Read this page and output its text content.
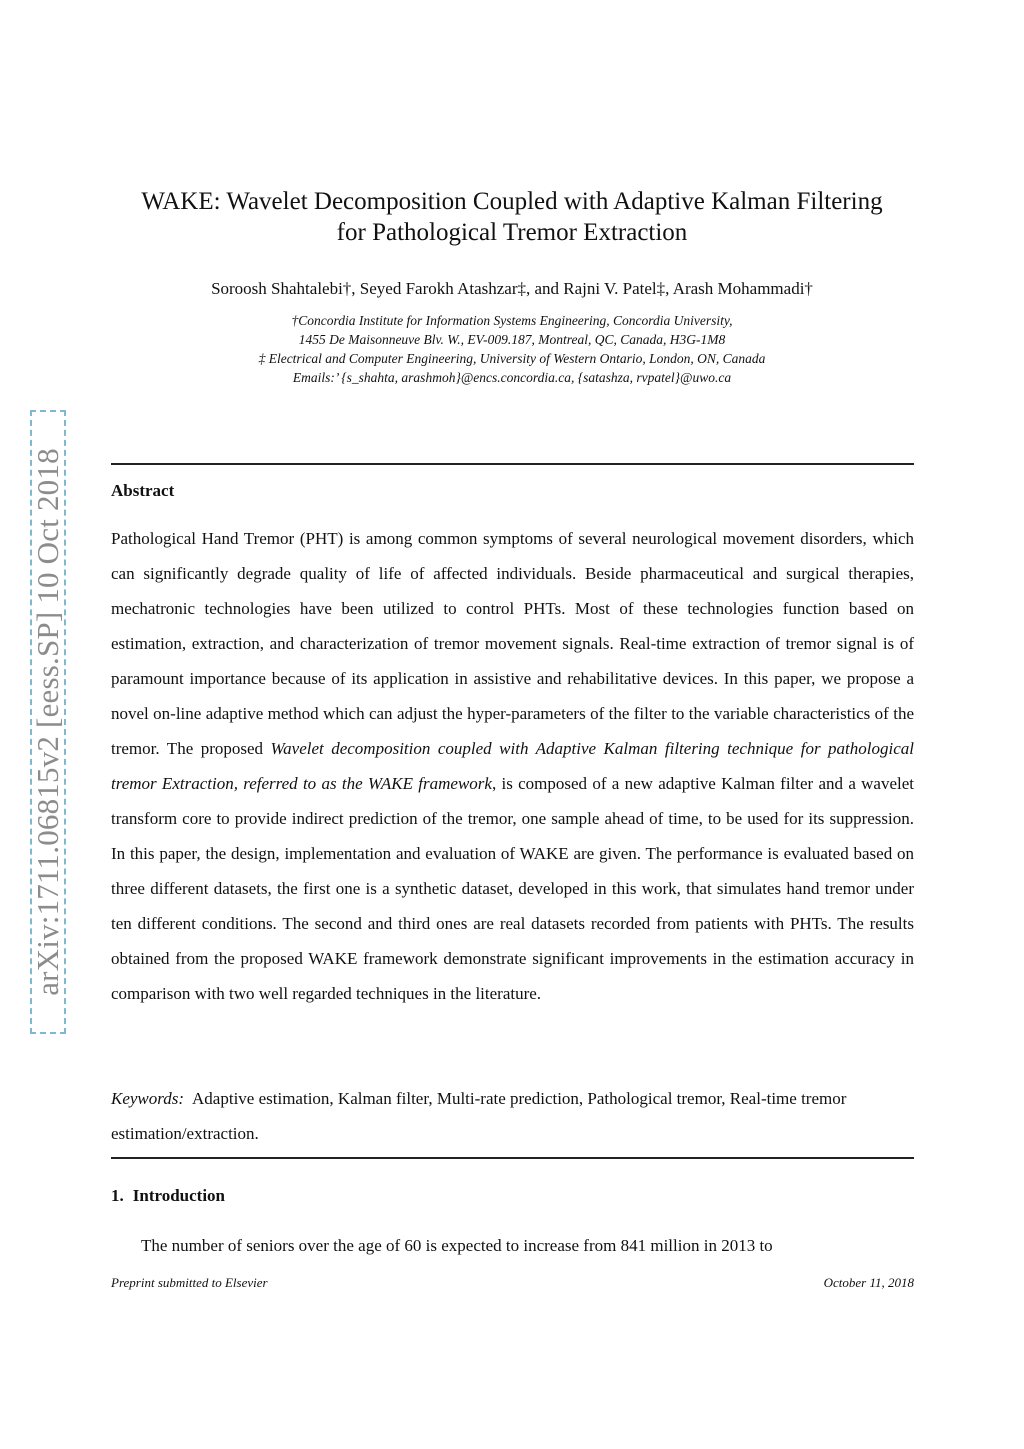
arXiv:1711.06815v2 [eess.SP] 10 Oct 2018
WAKE: Wavelet Decomposition Coupled with Adaptive Kalman Filtering
for Pathological Tremor Extraction
Soroosh Shahtalebi†, Seyed Farokh Atashzar‡, and Rajni V. Patel‡, Arash Mohammadi†
†Concordia Institute for Information Systems Engineering, Concordia University,
1455 De Maisonneuve Blv. W., EV-009.187, Montreal, QC, Canada, H3G-1M8
‡ Electrical and Computer Engineering, University of Western Ontario, London, ON, Canada
Emails:’ {s_shahta, arashmoh}@encs.concordia.ca, {satashza, rvpatel}@uwo.ca
Abstract
Pathological Hand Tremor (PHT) is among common symptoms of several neurological movement disorders, which can significantly degrade quality of life of affected individuals. Beside pharmaceutical and surgical therapies, mechatronic technologies have been utilized to control PHTs. Most of these technologies function based on estimation, extraction, and characterization of tremor movement signals. Real-time extraction of tremor signal is of paramount importance because of its application in assistive and rehabilitative devices. In this paper, we propose a novel on-line adaptive method which can adjust the hyper-parameters of the filter to the variable characteristics of the tremor. The proposed Wavelet decomposition coupled with Adaptive Kalman filtering technique for pathological tremor Extraction, referred to as the WAKE framework, is composed of a new adaptive Kalman filter and a wavelet transform core to provide indirect prediction of the tremor, one sample ahead of time, to be used for its suppression. In this paper, the design, implementation and evaluation of WAKE are given. The performance is evaluated based on three different datasets, the first one is a synthetic dataset, developed in this work, that simulates hand tremor under ten different conditions. The second and third ones are real datasets recorded from patients with PHTs. The results obtained from the proposed WAKE framework demonstrate significant improvements in the estimation accuracy in comparison with two well regarded techniques in the literature.
Keywords: Adaptive estimation, Kalman filter, Multi-rate prediction, Pathological tremor, Real-time tremor estimation/extraction.
1. Introduction
The number of seniors over the age of 60 is expected to increase from 841 million in 2013 to
Preprint submitted to Elsevier	October 11, 2018
